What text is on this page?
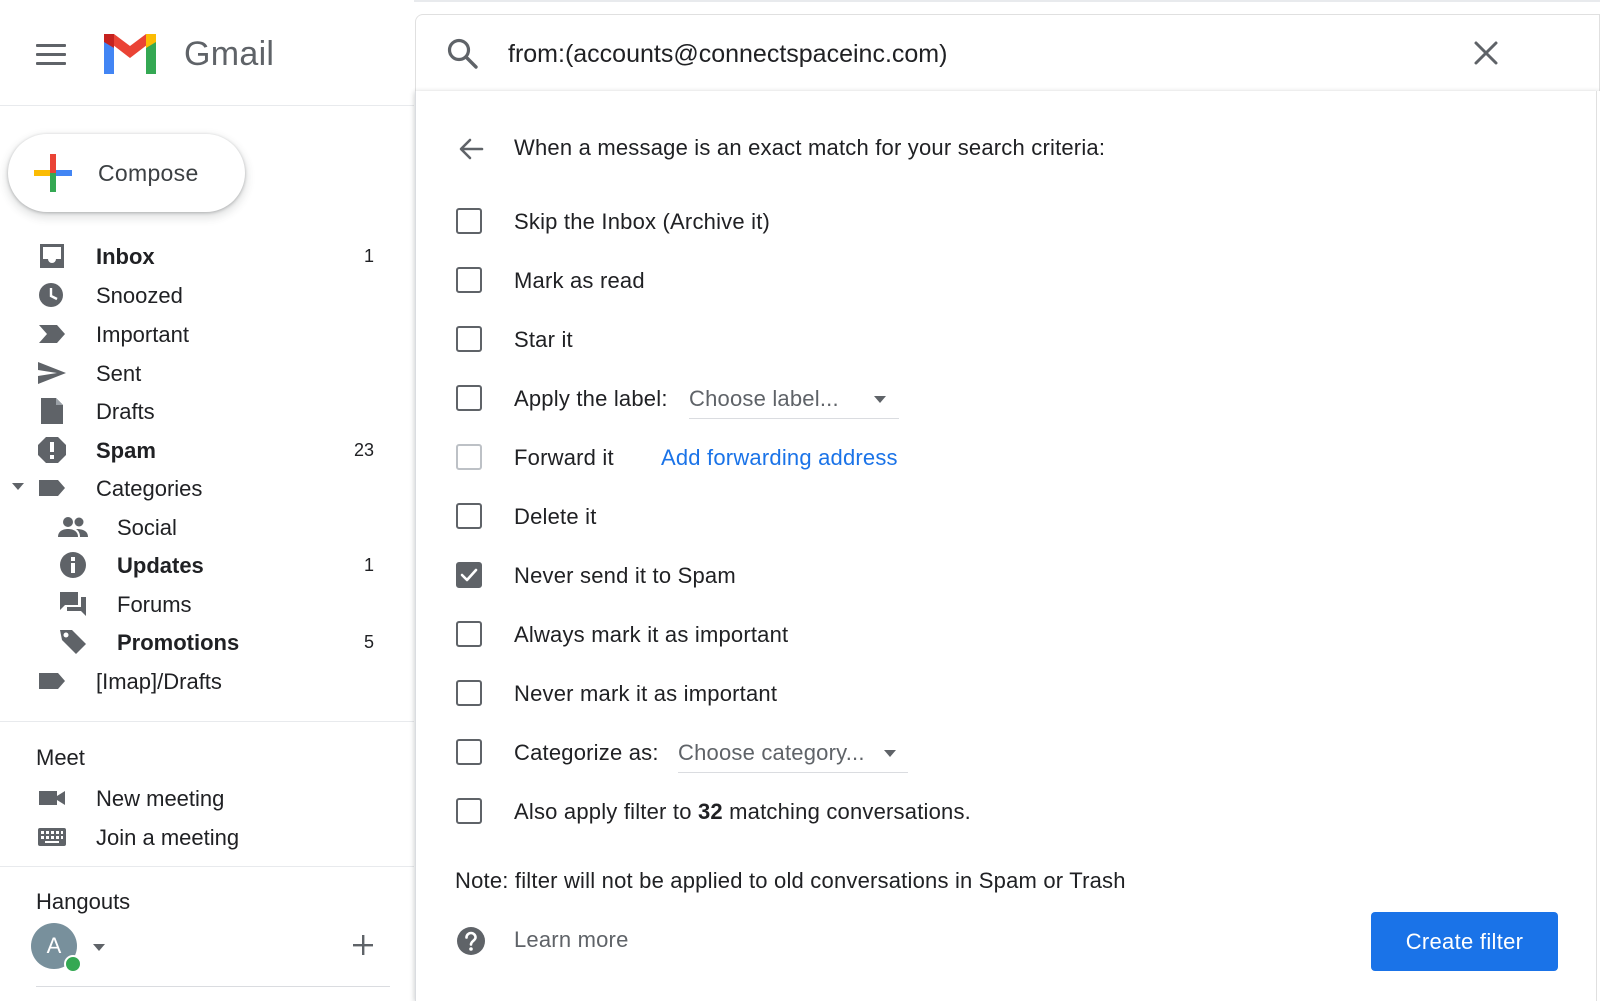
Gmail
Compose
Inbox	1
Snoozed
Important
Sent
Drafts
Spam	23
Categories
Social
Updates	1
Forums
Promotions	5
[Imap]/Drafts
Meet
New meeting
Join a meeting
Hangouts
A
from:(accounts@connectspaceinc.com)
When a message is an exact match for your search criteria:
Skip the Inbox (Archive it)
Mark as read
Star it
Apply the label: Choose label...
Forward it Add forwarding address
Delete it
Never send it to Spam
Always mark it as important
Never mark it as important
Categorize as: Choose category...
Also apply filter to 32 matching conversations.
Note: filter will not be applied to old conversations in Spam or Trash
Learn more	Create filter
